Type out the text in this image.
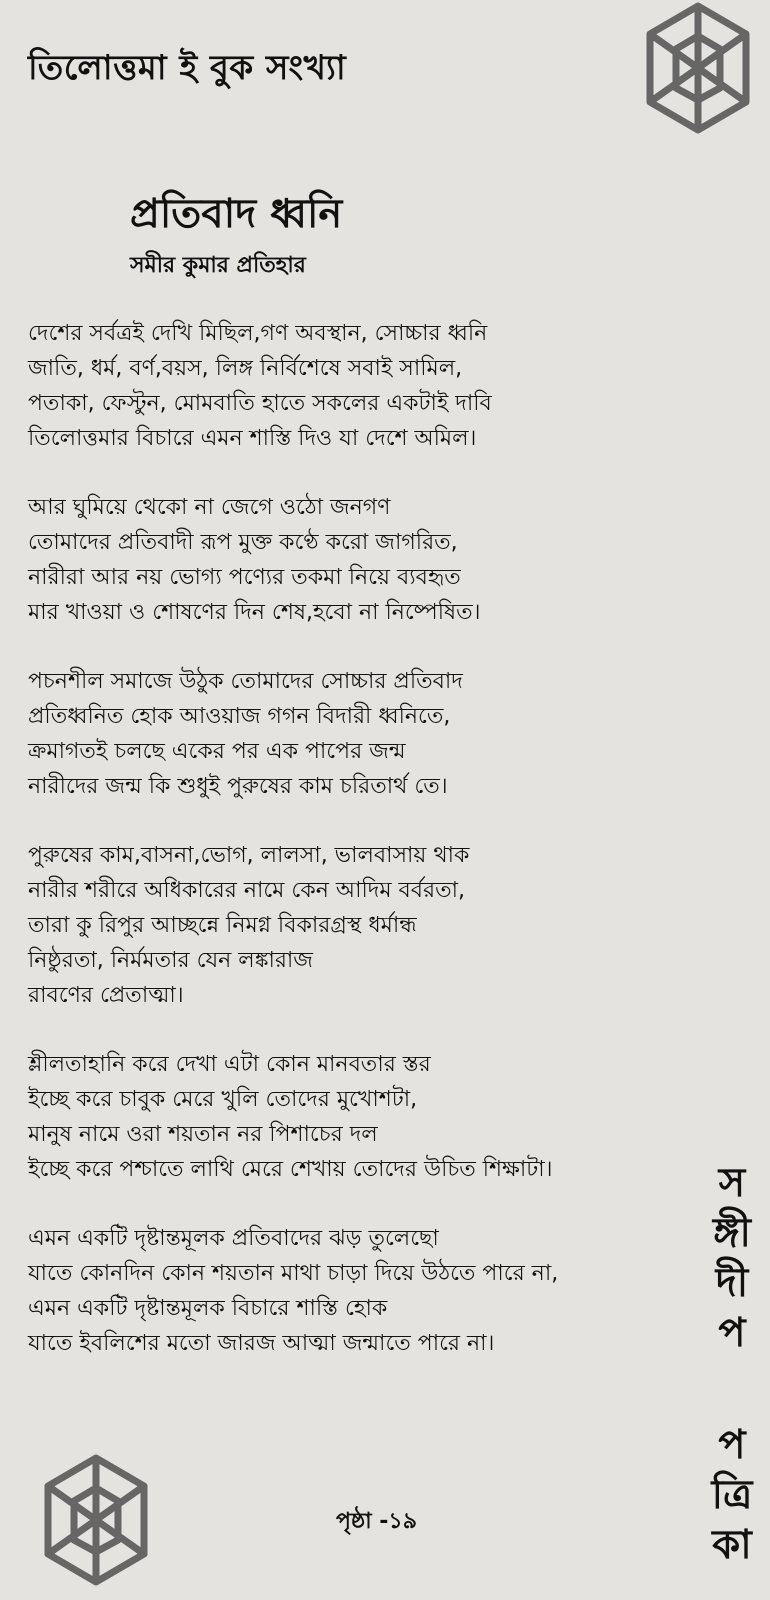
তিলোত্তমা ই বুক সংখ্যা
প্রতিবাদ ধ্বনি
সমীর কুমার প্রতিহার
দেশের সর্বত্রই দেখি মিছিল,গণ অবস্থান, সোচ্চার ধ্বনি
জাতি, ধর্ম, বর্ণ,বয়স, লিঙ্গ নির্বিশেষে সবাই সামিল,
পতাকা, ফেস্টুন, মোমবাতি হাতে সকলের একটাই দাবি
তিলোত্তমার বিচারে এমন শাস্তি দিও যা দেশে অমিল।
আর ঘুমিয়ে থেকো না জেগে ওঠো জনগণ
তোমাদের প্রতিবাদী রূপ মুক্ত কণ্ঠে করো জাগরিত,
নারীরা আর নয় ভোগ্য পণ্যের তকমা নিয়ে ব্যবহৃত
মার খাওয়া ও শোষণের দিন শেষ,হবো না নিষ্পেষিত।
পচনশীল সমাজে উঠুক তোমাদের সোচ্চার প্রতিবাদ
প্রতিধ্বনিত হোক আওয়াজ গগন বিদারী ধ্বনিতে,
ক্রমাগতই চলছে একের পর এক পাপের জন্ম
নারীদের জন্ম কি শুধুই পুরুষের কাম চরিতার্থ তে।
পুরুষের কাম,বাসনা,ভোগ, লালসা, ভালবাসায় থাক
নারীর শরীরে অধিকারের নামে কেন আদিম বর্বরতা,
তারা কু রিপুর আচ্ছন্নে নিমগ্ন বিকারগ্রস্থ ধর্মান্ধ
নিষ্ঠুরতা, নির্মমতার যেন লঙ্কারাজ
রাবণের প্রেতাত্মা।
শ্লীলতাহানি করে দেখা এটা কোন মানবতার স্তর
ইচ্ছে করে চাবুক মেরে খুলি তোদের মুখোশটা,
মানুষ নামে ওরা শয়তান নর পিশাচের দল
ইচ্ছে করে পশ্চাতে লাথি মেরে শেখায় তোদের উচিত শিক্ষাটা।
এমন একটি দৃষ্টান্তমূলক প্রতিবাদের ঝড় তুলেছো
যাতে কোনদিন কোন শয়তান মাথা চাড়া দিয়ে উঠতে পারে না,
এমন একটি দৃষ্টান্তমূলক বিচারে শাস্তি হোক
যাতে ইবলিশের মতো জারজ আত্মা জন্মাতে পারে না।
স
ঙ্গী
দী
প
প
ত্রি
কা
পৃষ্ঠা -১৯
